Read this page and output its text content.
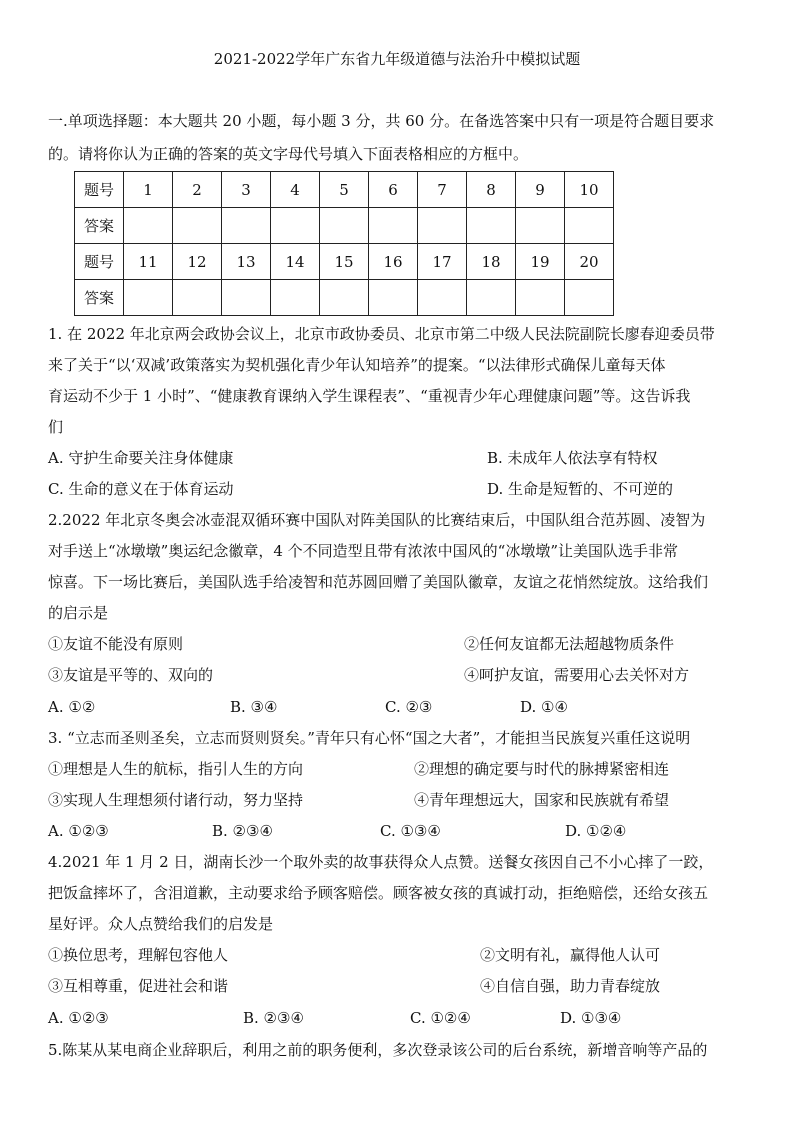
2021-2022学年广东省九年级道德与法治升中模拟试题
一.单项选择题：本大题共 20 小题，每小题 3 分，共 60 分。在备选答案中只有一项是符合题目要求
的。请将你认为正确的答案的英文字母代号填入下面表格相应的方框中。
题号	1	2	3	4	5	6	7	8	9	10
答案										
题号	11	12	13	14	15	16	17	18	19	20
答案										
1. 在 2022 年北京两会政协会议上，北京市政协委员、北京市第二中级人民法院副院长廖春迎委员带
来了关于“以‘双减’政策落实为契机强化青少年认知培养”的提案。“以法律形式确保儿童每天体
育运动不少于 1 小时”、“健康教育课纳入学生课程表”、“重视青少年心理健康问题”等。这告诉我
们
A. 守护生命要关注身体健康	B. 未成年人依法享有特权
C. 生命的意义在于体育运动	D. 生命是短暂的、不可逆的
2.2022 年北京冬奥会冰壶混双循环赛中国队对阵美国队的比赛结束后，中国队组合范苏圆、凌智为
对手送上“冰墩墩”奥运纪念徽章，4 个不同造型且带有浓浓中国风的“冰墩墩”让美国队选手非常
惊喜。下一场比赛后，美国队选手给凌智和范苏圆回赠了美国队徽章，友谊之花悄然绽放。这给我们
的启示是
①友谊不能没有原则	②任何友谊都无法超越物质条件
③友谊是平等的、双向的	④呵护友谊，需要用心去关怀对方
A. ①②	B. ③④	C. ②③	D. ①④
3. “立志而圣则圣矣，立志而贤则贤矣。”青年只有心怀“国之大者”，才能担当民族复兴重任这说明
①理想是人生的航标，指引人生的方向	②理想的确定要与时代的脉搏紧密相连
③实现人生理想须付诸行动，努力坚持	④青年理想远大，国家和民族就有希望
A. ①②③	B. ②③④	C. ①③④	D. ①②④
4.2021 年 1 月 2 日，湖南长沙一个取外卖的故事获得众人点赞。送餐女孩因自己不小心摔了一跤，
把饭盒摔坏了，含泪道歉，主动要求给予顾客赔偿。顾客被女孩的真诚打动，拒绝赔偿，还给女孩五
星好评。众人点赞给我们的启发是
①换位思考，理解包容他人	②文明有礼，赢得他人认可
③互相尊重，促进社会和谐	④自信自强，助力青春绽放
A. ①②③	B. ②③④	C. ①②④	D. ①③④
5.陈某从某电商企业辞职后，利用之前的职务便利，多次登录该公司的后台系统，新增音响等产品的
